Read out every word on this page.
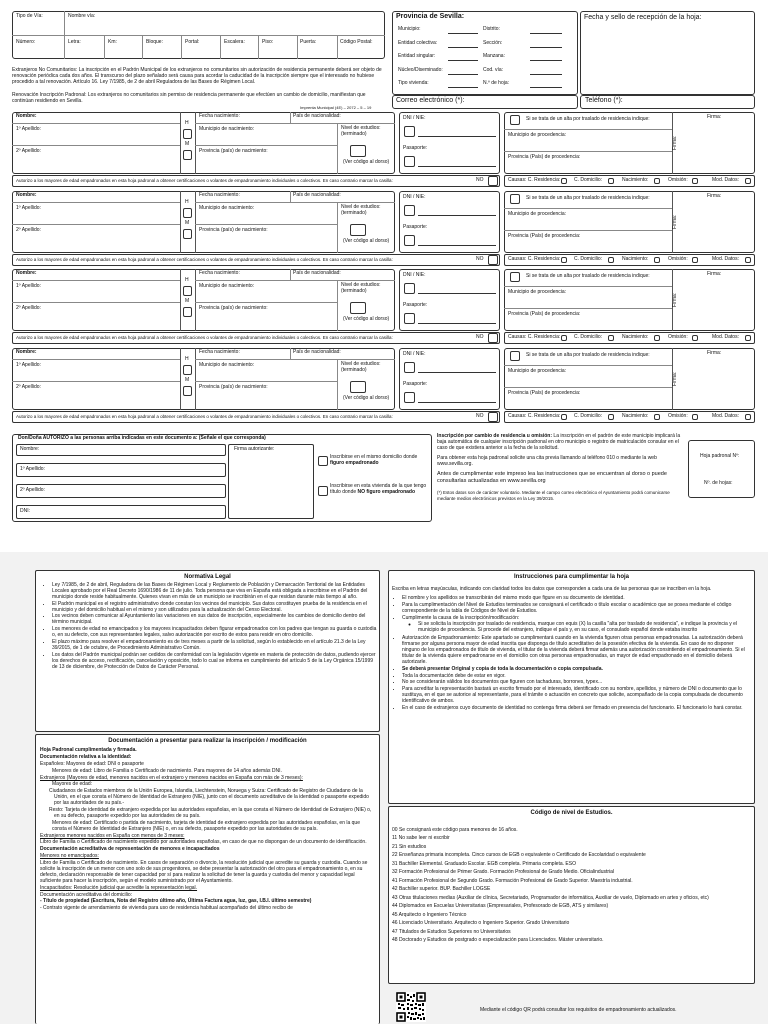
Tipo de Vía:	Nombre vía:
Número:	Letra:	Km:	Bloque:	Portal:	Escalera:	Piso:	Puerta:	Código Postal:

Extranjeros No Comunitarios: La inscripción en el Padrón Municipal de los extranjeros no comunitarios sin autorización de residencia permanente deberá ser objeto de renovación periódica cada dos años. El transcurso del plazo señalado será causa para acordar la caducidad de la inscripción siempre que el interesado no hubiese procedido a tal renovación. Artículo 16. Ley 7/1985, de 2 de abril Reguladora de las Bases de Régimen Local.

Renovación Inscripción Padronal: Los extranjeros no comunitarios sin permiso de residencia permanente que efectúen un cambio de domicilio, manifiestan que continúan residiendo en Sevilla.

Imprenta Municipal (4E) – 2072 – 5 – 19
Provincia de Sevilla:
Municipio:	Distrito:
Entidad colectiva:	Sección:
Entidad singular:	Manzana:
Núcleo/Diseminado:	Cod. vía:
Tipo vivienda:	N.º de hoja:
Fecha y sello de recepción de la hoja:
Correo electrónico (*):	Teléfono (*):
Nombre:
1º Apellido:
2º Apellido:
H
M
Fecha nacimiento:	País de nacionalidad:
Municipio de nacimiento:
Provincia (país) de nacimiento:
Nivel de estudios: (terminado)
(Ver código al dorso)
DNI / NIE:
Pasaporte:
Si se trata de un alta por traslado de residencia indique:
Municipio de procedencia:
Provincia (País) de procedencia:
Firma:
Firma:
Autorizo a los mayores de edad empadronados en esta hoja padronal a obtener certificaciones o volantes de empadronamiento individuales o colectivos. En caso contrario marcar la casilla:	NO	Causas: C. Residencia:	C. Domicilio:	Nacimiento:	Omisión:	Mod. Datos:
Nombre:
1º Apellido:
2º Apellido:
H
M
Fecha nacimiento:	País de nacionalidad:
Municipio de nacimiento:
Provincia (país) de nacimiento:
Nivel de estudios: (terminado)
(Ver código al dorso)
DNI / NIE:
Pasaporte:
Si se trata de un alta por traslado de residencia indique:
Municipio de procedencia:
Provincia (País) de procedencia:
Firma:
Firma:
Autorizo a los mayores de edad empadronados en esta hoja padronal a obtener certificaciones o volantes de empadronamiento individuales o colectivos. En caso contrario marcar la casilla:	NO	Causas: C. Residencia:	C. Domicilio:	Nacimiento:	Omisión:	Mod. Datos:
Nombre:
1º Apellido:
2º Apellido:
H
M
Fecha nacimiento:	País de nacionalidad:
Municipio de nacimiento:
Provincia (país) de nacimiento:
Nivel de estudios: (terminado)
(Ver código al dorso)
DNI / NIE:
Pasaporte:
Si se trata de un alta por traslado de residencia indique:
Municipio de procedencia:
Provincia (País) de procedencia:
Firma:
Firma:
Autorizo a los mayores de edad empadronados en esta hoja padronal a obtener certificaciones o volantes de empadronamiento individuales o colectivos. En caso contrario marcar la casilla:	NO	Causas: C. Residencia:	C. Domicilio:	Nacimiento:	Omisión:	Mod. Datos:
Nombre:
1º Apellido:
2º Apellido:
H
M
Fecha nacimiento:	País de nacionalidad:
Municipio de nacimiento:
Provincia (país) de nacimiento:
Nivel de estudios: (terminado)
(Ver código al dorso)
DNI / NIE:
Pasaporte:
Si se trata de un alta por traslado de residencia indique:
Municipio de procedencia:
Provincia (País) de procedencia:
Firma:
Firma:
Autorizo a los mayores de edad empadronados en esta hoja padronal a obtener certificaciones o volantes de empadronamiento individuales o colectivos. En caso contrario marcar la casilla:	NO	Causas: C. Residencia:	C. Domicilio:	Nacimiento:	Omisión:	Mod. Datos:
Don/Doña AUTORIZO a las personas arriba indicadas en este documento a: (Señale el que corresponda)
Nombre:
1º Apellido:
2º Apellido:
DNI:
Firma autorizante:
Inscribirse en el mismo domicilio donde figuro empadronado
Inscribirse en esta vivienda de la que tengo título donde NO figuro empadronado

Inscripción por cambio de residencia u omisión: La inscripción en el padrón de este municipio implicará la baja automática de cualquier inscripción padronal en otro municipio o registro de matriculación consular en el caso de que existiera anterior a la fecha de la solicitud.

Para obtener esta hoja padronal solicite una cita previa llamando al teléfono 010 o mediante la web www.sevilla.org.

Antes de cumplimentar este impreso lea las instrucciones que se encuentran al dorso o puede consultarlas actualizadas en www.sevilla.org

(*) Estos datos son de carácter voluntario. Mediante el campo correo electrónico el Ayuntamiento podrá comunicarse mediante medios electrónicos previstos en la Ley 39/2015.

Hoja padronal Nº:
Nº. de hojas:
Normativa Legal
• Ley 7/1985, de 2 de abril, Reguladora de las Bases de Régimen Local y Reglamento de Población y Demarcación Territorial de las Entidades Locales aprobado por el Real Decreto 1690/1986 de 11 de julio. Toda persona que viva en España está obligada a inscribirse en el Padrón del municipio donde reside habitualmente. Quienes vivan en más de un municipio se inscribirán en el que residan durante más tiempo al año.
• El Padrón municipal es el registro administrativo donde constan los vecinos del municipio. Sus datos constituyen prueba de la residencia en el municipio y del domicilio habitual en el mismo y son utilizados para la actualización del Censo Electoral.
• Los vecinos deben comunicar al Ayuntamiento las variaciones en sus datos de inscripción, especialmente los cambios de domicilio dentro del término municipal.
• Los menores de edad no emancipados y los mayores incapacitados deben figurar empadronados con los padres que tengan su guarda o custodia o, en su defecto, con sus representantes legales, salvo autorización por escrito de estos para residir en otro domicilio.
• El plazo máximo para resolver el empadronamiento es de tres meses a partir de la solicitud, según lo establecido en el artículo 21.3 de la Ley 39/2015, de 1 de octubre, de Procedimiento Administrativo Común.
• Los datos del Padrón municipal podrán ser cedidos de conformidad con la legislación vigente en materia de protección de datos, pudiendo ejercer los derechos de acceso, rectificación, cancelación y oposición, todo lo cual se informa en cumplimiento del artículo 5 de la Ley Orgánica 15/1999 de 13 de diciembre, de Protección de Datos de Carácter Personal.
Documentación a presentar para realizar la inscripción / modificación

Hoja Padronal cumplimentada y firmada.

Documentación relativa a la identidad:

Españoles: Mayores de edad: DNI o pasaporte

Menores de edad: Libro de Familia o Certificado de nacimiento. Para mayores de 14 años además DNI.

Extranjeros (Mayores de edad, menores nacidos en el extranjero y menores nacidos en España con más de 3 meses):

Mayores de edad:

Ciudadanos de Estados miembros de la Unión Europea, Islandia, Liechtenstein, Noruega y Suiza: Certificado de Registro de Ciudadano de la Unión, en el que consta el Número de Identidad de Extranjero (NIE), junto con el documento acreditativo de la identidad o pasaporte expedido por las autoridades de su país.-

Resto: Tarjeta de identidad de extranjero expedida por las autoridades españolas, en la que consta el Número de Identidad de Extranjero (NIE) o, en su defecto, pasaporte expedido por las autoridades de su país.

Menores de edad: Certificado o partida de nacimiento, tarjeta de identidad de extranjero expedida por las autoridades españolas, en la que consta el Número de Identidad de Extranjero (NIE) o, en su defecto, pasaporte expedido por las autoridades de su país.

Extranjeros menores nacidos en España con menos de 3 meses:

Libro de Familia o Certificado de nacimiento expedido por autoridades españolas, en caso de que no dispongan de un documento de identificación.

Documentación acreditativa de representación de menores e incapacitados

Menores no emancipados:

Libro de Familia o Certificado de nacimiento. En casos de separación o divorcio, la resolución judicial que acredite su guarda y custodia. Cuando se solicite la inscripción de un menor con uno solo de sus progenitores, se debe presentar la autorización del otro para el empadronamiento o, en su defecto, declaración responsable de tener capacidad por sí para realizar la solicitud de tener la guarda y custodia del menor y capacidad legal suficiente para hacer la inscripción, según el modelo suministrado por el Ayuntamiento.

Incapacitados: Resolución judicial que acredite la representación legal.

Documentación acreditativa del domicilio:

- Título de propiedad (Escritura, Nota del Registro último año, Última Factura agua, luz, gas, I.B.I. último semestre)

- Contrato vigente de arrendamiento de vivienda para uso de residencia habitual acompañado del último recibo de

Instrucciones para cumplimentar la hoja

Escriba en letras mayúsculas, indicando con claridad todos los datos que corresponden a cada una de las personas que se inscriben en la hoja.

• El nombre y los apellidos se transcribirán del mismo modo que figure en su documento de identidad.
• Para la cumplimentación del Nivel de Estudios terminados se consignará el certificado o título escolar o académico que se posea mediante el código correspondiente de la tabla de Códigos de Nivel de Estudios.
• Cumplimente la causa de la inscripción/modificación:
◦ Si se solicita la inscripción por traslado de residencia, marque con equis (X) la casilla "alta por traslado de residencia", e indique la provincia y el municipio de procedencia. Si procede del extranjero, indique el país y, en su caso, el consulado español donde estaba inscrito
• Autorización de Empadronamiento: Este apartado se cumplimentará cuando en la vivienda figuren otras personas empadronadas. La autorización deberá firmarse por alguna persona mayor de edad inscrita que disponga de título acreditativo de la posesión efectiva de la vivienda. En caso de no disponer ninguno de los empadronados de título de vivienda, el titular de la vivienda deberá firmar además una autorización consintiendo el empadronamiento. Si el titular de la vivienda quiere empadronarse en el domicilio con otras personas empadronadas, un mayor de edad empadronado en el domicilio deberá autorizarle.
• Se deberá presentar Original y copia de toda la documentación o copia compulsada.
• Toda la documentación debe de estar en vigor.
• No se considerarán válidos los documentos que figuren con tachaduras, borrones, typex...
• Para acreditar la representación bastará un escrito firmado por el interesado, identificado con su nombre, apellidos, y número de DNI o documento que lo sustituya, en el que se autorice al representante, para el trámite o actuación en concreto que solicite, acompañado de la copia compulsada de documento identificativo de ambos.
• En el caso de extranjeros cuyo documento de identidad no contenga firma deberá ser firmado en presencia del funcionario. El funcionario lo hará constar.
Código de nivel de Estudios.

00 Se consignará este código para menores de 16 años.

11 No sabe leer ni escribir

21 Sin estudios

22 Enseñanza primaria incompleta. Cinco cursos de EGB o equivalente o Certificado de Escolaridad o equivalente

31 Bachiller Elemental. Graduado Escolar. EGB completa. Primaria completa. ESO

32 Formación Profesional de Primer Grado. Formación Profesional de Grado Medio. Oficialindustrial

41 Formación Profesional de Segundo Grado. Formación Profesional de Grado Superior. Maestría industrial.

42 Bachiller superior. BUP. Bachiller LOGSE

43 Otras titulaciones medias (Auxiliar de clínica, Secretariado, Programador de informática, Auxiliar de vuelo, Diplomado en artes y oficios, etc)

44 Diplomados en Escuelas Universitarias (Empresariales, Profesorado de EGB, ATS y similares)

45 Arquitecto o Ingeniero Técnico

46 Licenciado Universitario. Arquitecto o Ingeniero Superior. Grado Universitario

47 Titulados de Estudios Superiores no Universitarios

48 Doctorado y Estudios de postgrado o especialización para Licenciados. Máster universitario.

Mediante el código QR podrá consultar los requisitos de empadronamiento actualizados.
